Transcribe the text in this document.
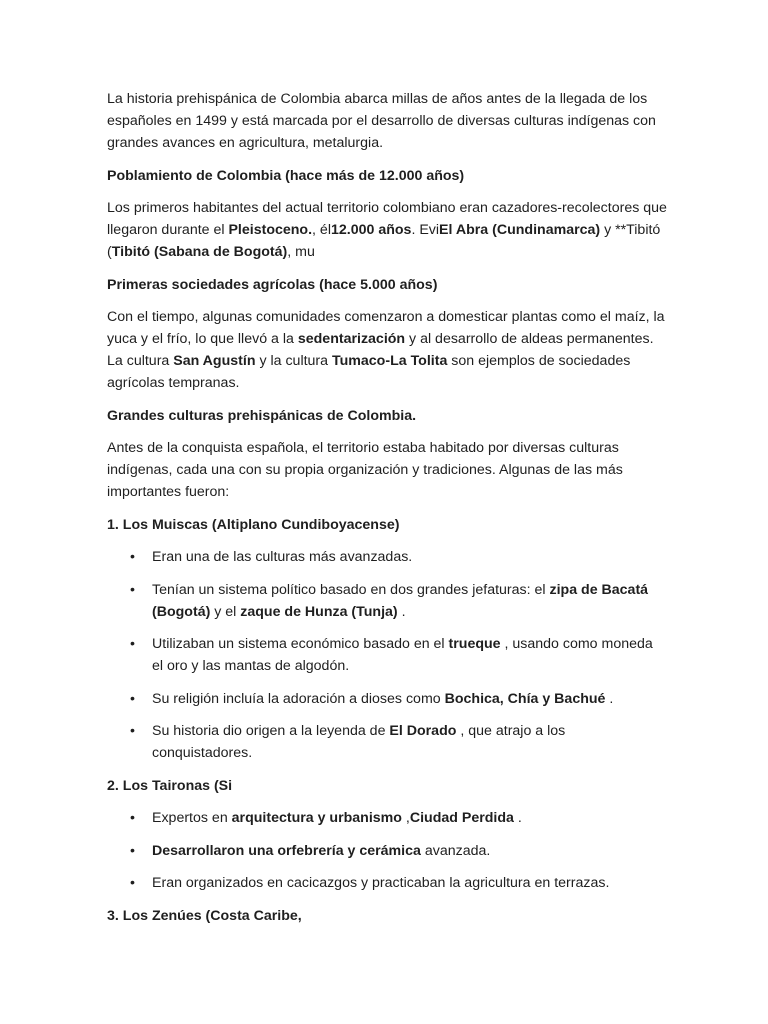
La historia prehispánica de Colombia abarca millas de años antes de la llegada de los españoles en 1499 y está marcada por el desarrollo de diversas culturas indígenas con grandes avances en agricultura, metalurgia.

Poblamiento de Colombia (hace más de 12.000 años)

Los primeros habitantes del actual territorio colombiano eran cazadores-recolectores que llegaron durante el Pleistoceno., él12.000 años. EviEl Abra (Cundinamarca) y **Tibitó (Tibitó (Sabana de Bogotá), mu

Primeras sociedades agrícolas (hace 5.000 años)

Con el tiempo, algunas comunidades comenzaron a domesticar plantas como el maíz, la yuca y el frío, lo que llevó a la sedentarización y al desarrollo de aldeas permanentes. La cultura San Agustín y la cultura Tumaco-La Tolita son ejemplos de sociedades agrícolas tempranas.

Grandes culturas prehispánicas de Colombia.

Antes de la conquista española, el territorio estaba habitado por diversas culturas indígenas, cada una con su propia organización y tradiciones. Algunas de las más importantes fueron:

1. Los Muiscas (Altiplano Cundiboyacense)
• Eran una de las culturas más avanzadas.
• Tenían un sistema político basado en dos grandes jefaturas: el zipa de Bacatá (Bogotá) y el zaque de Hunza (Tunja) .
• Utilizaban un sistema económico basado en el trueque , usando como moneda el oro y las mantas de algodón.
• Su religión incluía la adoración a dioses como Bochica, Chía y Bachué .
• Su historia dio origen a la leyenda de El Dorado , que atrajo a los conquistadores.
2. Los Taironas (Si
• Expertos en arquitectura y urbanismo ,Ciudad Perdida .
• Desarrollaron una orfebrería y cerámica avanzada.
• Eran organizados en cacicazgos y practicaban la agricultura en terrazas.
3. Los Zenúes (Costa Caribe,
